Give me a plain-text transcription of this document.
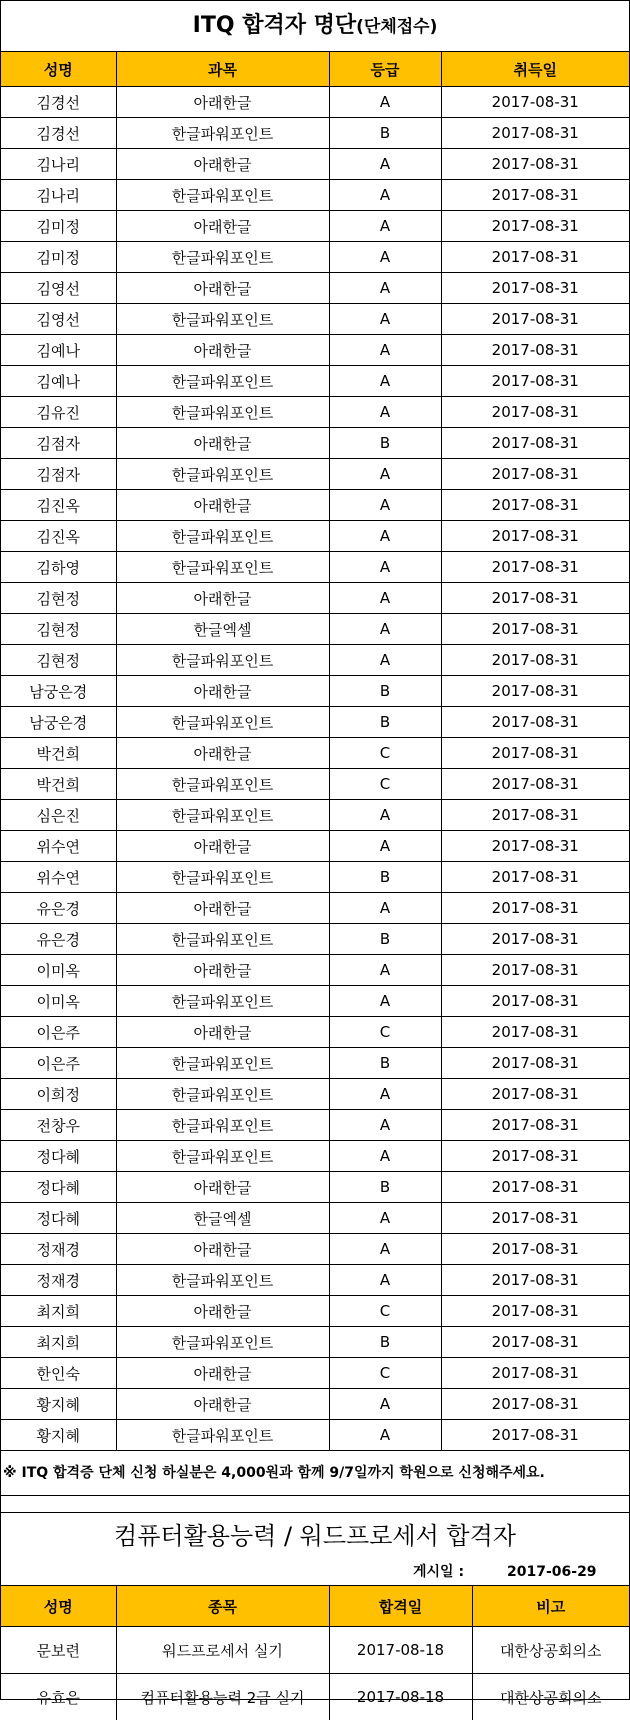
ITQ 합격자 명단(단체접수)
성명	과목	등급	취득일
김경선	아래한글	A	2017-08-31
김경선	한글파워포인트	B	2017-08-31
김나리	아래한글	A	2017-08-31
김나리	한글파워포인트	A	2017-08-31
김미정	아래한글	A	2017-08-31
김미정	한글파워포인트	A	2017-08-31
김영선	아래한글	A	2017-08-31
김영선	한글파워포인트	A	2017-08-31
김예나	아래한글	A	2017-08-31
김예나	한글파워포인트	A	2017-08-31
김유진	한글파워포인트	A	2017-08-31
김점자	아래한글	B	2017-08-31
김점자	한글파워포인트	A	2017-08-31
김진옥	아래한글	A	2017-08-31
김진옥	한글파워포인트	A	2017-08-31
김하영	한글파워포인트	A	2017-08-31
김현정	아래한글	A	2017-08-31
김현정	한글엑셀	A	2017-08-31
김현정	한글파워포인트	A	2017-08-31
남궁은경	아래한글	B	2017-08-31
남궁은경	한글파워포인트	B	2017-08-31
박건희	아래한글	C	2017-08-31
박건희	한글파워포인트	C	2017-08-31
심은진	한글파워포인트	A	2017-08-31
위수연	아래한글	A	2017-08-31
위수연	한글파워포인트	B	2017-08-31
유은경	아래한글	A	2017-08-31
유은경	한글파워포인트	B	2017-08-31
이미옥	아래한글	A	2017-08-31
이미옥	한글파워포인트	A	2017-08-31
이은주	아래한글	C	2017-08-31
이은주	한글파워포인트	B	2017-08-31
이희정	한글파워포인트	A	2017-08-31
전창우	한글파워포인트	A	2017-08-31
정다혜	한글파워포인트	A	2017-08-31
정다혜	아래한글	B	2017-08-31
정다혜	한글엑셀	A	2017-08-31
정재경	아래한글	A	2017-08-31
정재경	한글파워포인트	A	2017-08-31
최지희	아래한글	C	2017-08-31
최지희	한글파워포인트	B	2017-08-31
한인숙	아래한글	C	2017-08-31
황지혜	아래한글	A	2017-08-31
황지혜	한글파워포인트	A	2017-08-31
※ ITQ 합격증 단체 신청 하실분은 4,000원과 함께 9/7일까지 학원으로 신청해주세요.
컴퓨터활용능력 / 워드프로세서 합격자
게시일 :	2017-06-29
성명	종목	합격일	비고
문보련	워드프로세서 실기	2017-08-18	대한상공회의소
유효은	컴퓨터활용능력 2급 실기	2017-08-18	대한상공회의소
